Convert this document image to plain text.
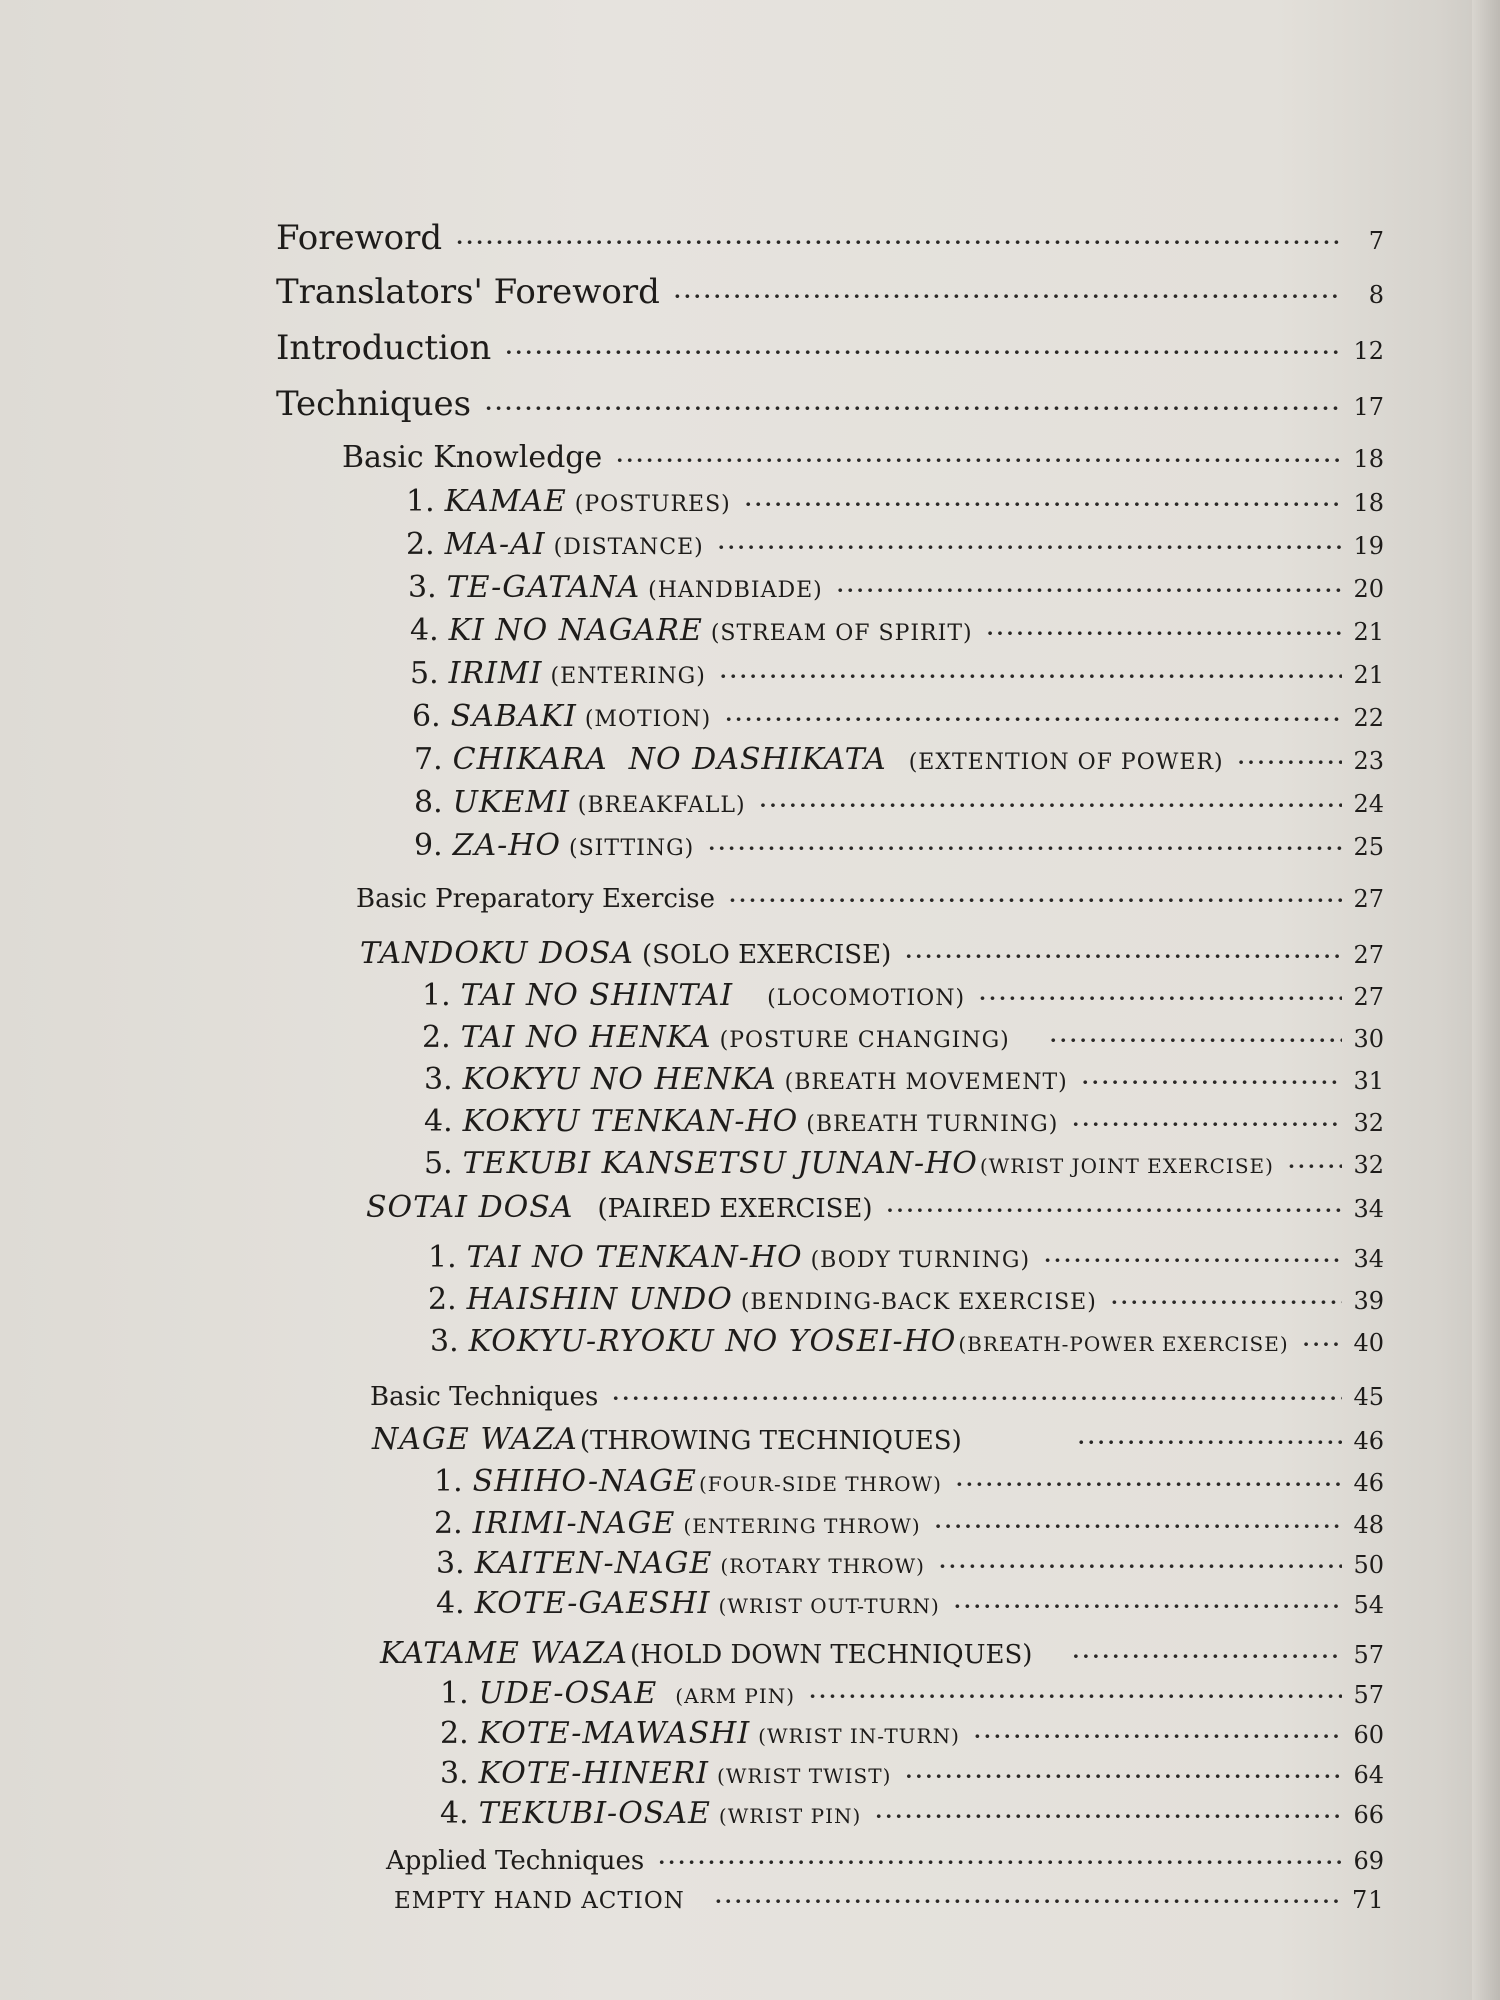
Foreword ·····	7
Translators' Foreword ·····	8
Introduction ·····	12
Techniques ·····	17
Basic Knowledge ·····	18
1. KAMAE (POSTURES) ·····	18
2. MA-AI (DISTANCE) ·····	19
3. TE-GATANA (HANDBIADE) ·····	20
4. KI NO NAGARE (STREAM OF SPIRIT) ·····	21
5. IRIMI (ENTERING) ·····	21
6. SABAKI (MOTION) ·····	22
7. CHIKARA  NO DASHIKATA (EXTENTION OF POWER) ·····	23
8. UKEMI (BREAKFALL) ·····	24
9. ZA-HO (SITTING) ·····	25
Basic Preparatory Exercise ·····	27
TANDOKU DOSA (SOLO EXERCISE) ·····	27
1. TAI NO SHINTAI (LOCOMOTION) ·····	27
2. TAI NO HENKA (POSTURE CHANGING) ·····	30
3. KOKYU NO HENKA (BREATH MOVEMENT) ·····	31
4. KOKYU TENKAN-HO (BREATH TURNING) ·····	32
5. TEKUBI KANSETSU JUNAN-HO (WRIST JOINT EXERCISE) ·····	32
SOTAI DOSA (PAIRED EXERCISE) ·····	34
1. TAI NO TENKAN-HO (BODY TURNING) ·····	34
2. HAISHIN UNDO (BENDING-BACK EXERCISE) ·····	39
3. KOKYU-RYOKU NO YOSEI-HO (BREATH-POWER EXERCISE) ·····	40
Basic Techniques ·····	45
NAGE WAZA (THROWING TECHNIQUES) ·····	46
1. SHIHO-NAGE (FOUR-SIDE THROW) ·····	46
2. IRIMI-NAGE (ENTERING THROW) ·····	48
3. KAITEN-NAGE (ROTARY THROW) ·····	50
4. KOTE-GAESHI (WRIST OUT-TURN) ·····	54
KATAME WAZA (HOLD DOWN TECHNIQUES) ·····	57
1. UDE-OSAE (ARM PIN) ·····	57
2. KOTE-MAWASHI (WRIST IN-TURN) ·····	60
3. KOTE-HINERI (WRIST TWIST) ·····	64
4. TEKUBI-OSAE (WRIST PIN) ·····	66
Applied Techniques ·····	69
EMPTY HAND ACTION ·····	71
